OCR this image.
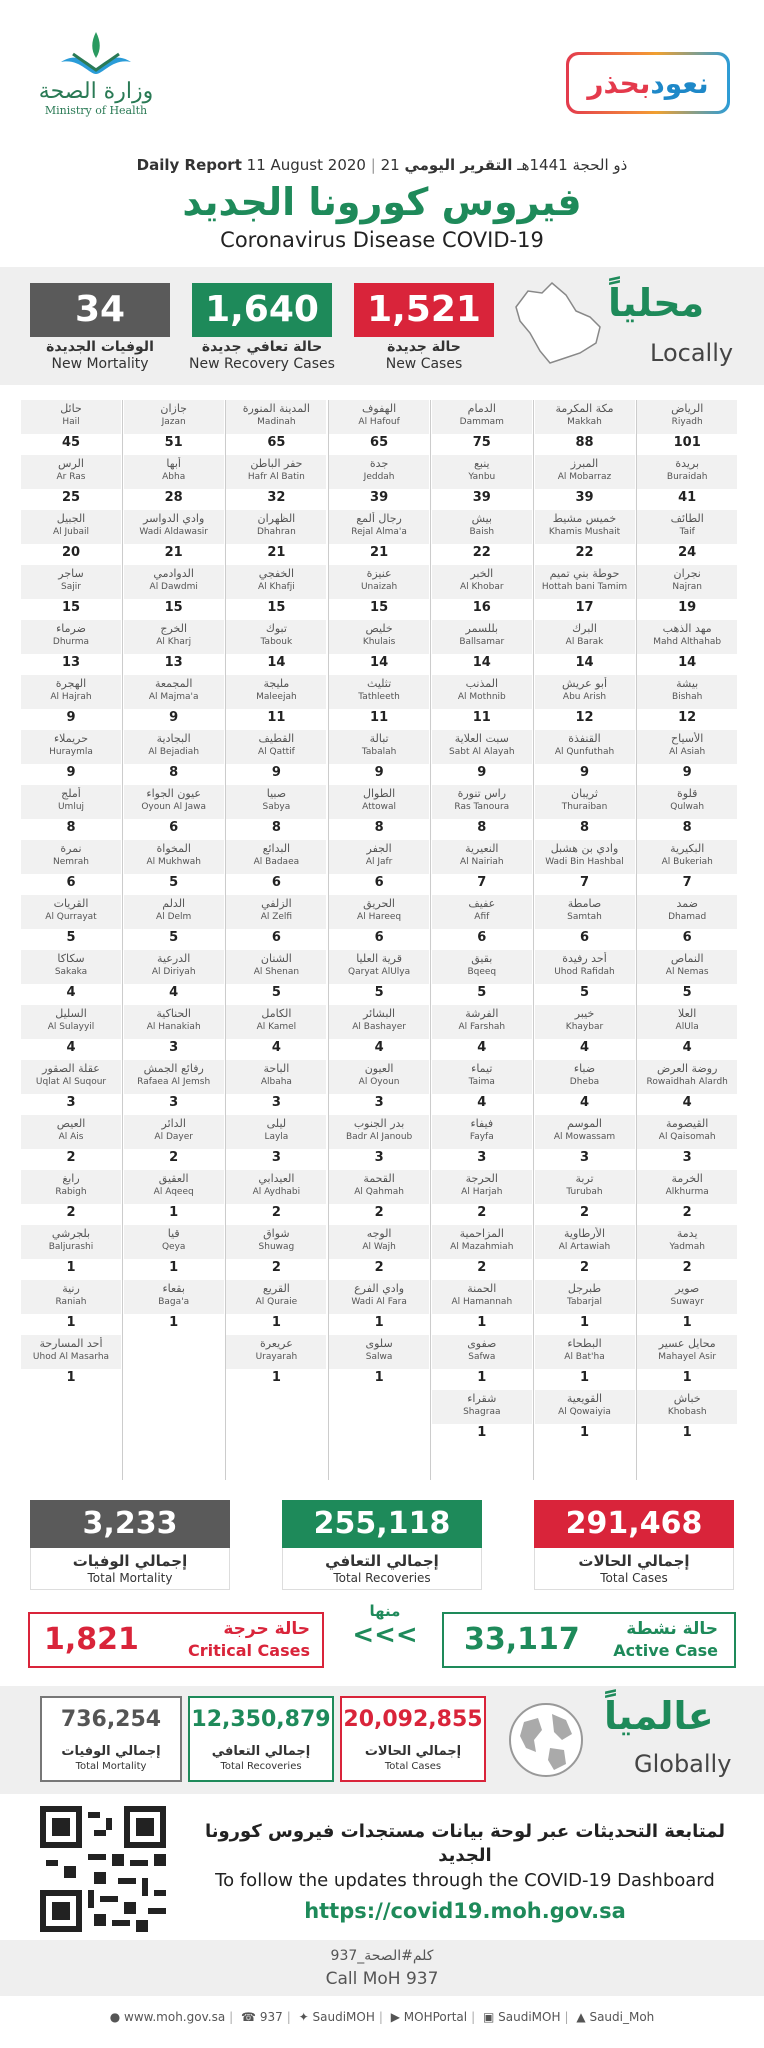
وزارة الصحة
Ministry of Health
بحذر نعود
Daily Report 11 August 2020 | 21 ذو الحجة 1441هـ التقرير اليومي
فيروس كورونا الجديد
Coronavirus Disease COVID-19
34
الوفيات الجديدة
New Mortality
1,640
حالة تعافي جديدة
New Recovery Cases
1,521
حالة جديدة
New Cases
محلياً
Locally
الرياض
Riyadh
101
بريدة
Buraidah
41
الطائف
Taif
24
نجران
Najran
19
مهد الذهب
Mahd Althahab
14
بيشة
Bishah
12
الأسياح
Al Asiah
9
قلوة
Qulwah
8
البكيرية
Al Bukeriah
7
ضمد
Dhamad
6
النماص
Al Nemas
5
العلا
AlUla
4
روضة العرض
Rowaidhah Alardh
4
القيصومة
Al Qaisomah
3
الخرمة
Alkhurma
2
يدمة
Yadmah
2
صوير
Suwayr
1
محايل عسير
Mahayel Asir
1
خباش
Khobash
1
مكة المكرمة
Makkah
88
المبرز
Al Mobarraz
39
خميس مشيط
Khamis Mushait
22
حوطة بني تميم
Hottah bani Tamim
17
البرك
Al Barak
14
أبو عريش
Abu Arish
12
القنفذة
Al Qunfuthah
9
ثريبان
Thuraiban
8
وادي بن هشبل
Wadi Bin Hashbal
7
صامطة
Samtah
6
أحد رفيدة
Uhod Rafidah
5
خيبر
Khaybar
4
ضباء
Dheba
4
الموسم
Al Mowassam
3
تربة
Turubah
2
الأرطاوية
Al Artawiah
2
طبرجل
Tabarjal
1
البطحاء
Al Bat'ha
1
القويعية
Al Qowaiyia
1
الدمام
Dammam
75
ينبع
Yanbu
39
بيش
Baish
22
الخبر
Al Khobar
16
بللسمر
Ballsamar
14
المذنب
Al Mothnib
11
سبت العلاية
Sabt Al Alayah
9
راس تنورة
Ras Tanoura
8
النعيرية
Al Nairiah
7
عفيف
Afif
6
بقيق
Bqeeq
5
الفرشة
Al Farshah
4
تيماء
Taima
4
فيفاء
Fayfa
3
الحرجة
Al Harjah
2
المزاحمية
Al Mazahmiah
2
الحمنة
Al Hamannah
1
صفوى
Safwa
1
شقراء
Shagraa
1
الهفوف
Al Hafouf
65
جدة
Jeddah
39
رجال ألمع
Rejal Alma'a
21
عنيزة
Unaizah
15
خليص
Khulais
14
تثليث
Tathleeth
11
تبالة
Tabalah
9
الطوال
Attowal
8
الجفر
Al Jafr
6
الحريق
Al Hareeq
6
قرية العليا
Qaryat AlUlya
5
البشائر
Al Bashayer
4
العيون
Al Oyoun
3
بدر الجنوب
Badr Al Janoub
3
القحمة
Al Qahmah
2
الوجه
Al Wajh
2
وادي الفرع
Wadi Al Fara
1
سلوى
Salwa
1
المدينة المنورة
Madinah
65
حفر الباطن
Hafr Al Batin
32
الظهران
Dhahran
21
الخفجي
Al Khafji
15
تبوك
Tabouk
14
مليجة
Maleejah
11
القطيف
Al Qattif
9
صبيا
Sabya
8
البدائع
Al Badaea
6
الزلفي
Al Zelfi
6
الشنان
Al Shenan
5
الكامل
Al Kamel
4
الباحة
Albaha
3
ليلى
Layla
3
العيدابي
Al Aydhabi
2
شواق
Shuwag
2
القريع
Al Quraie
1
عريعرة
Urayarah
1
جازان
Jazan
51
أبها
Abha
28
وادي الدواسر
Wadi Aldawasir
21
الدوادمي
Al Dawdmi
15
الخرج
Al Kharj
13
المجمعة
Al Majma'a
9
البجادية
Al Bejadiah
8
عيون الجواء
Oyoun Al Jawa
6
المخواة
Al Mukhwah
5
الدلم
Al Delm
5
الدرعية
Al Diriyah
4
الحناكية
Al Hanakiah
3
رفائع الجمش
Rafaea Al Jemsh
3
الدائر
Al Dayer
2
العقيق
Al Aqeeq
1
قيا
Qeya
1
بقعاء
Baga'a
1
حائل
Hail
45
الرس
Ar Ras
25
الجبيل
Al Jubail
20
ساجر
Sajir
15
ضرماء
Dhurma
13
الهجرة
Al Hajrah
9
حريملاء
Huraymla
9
أملج
Umluj
8
نمرة
Nemrah
6
القريات
Al Qurrayat
5
سكاكا
Sakaka
4
السليل
Al Sulayyil
4
عقلة الصقور
Uqlat Al Suqour
3
العيص
Al Ais
2
رابغ
Rabigh
2
بلجرشي
Baljurashi
1
رنية
Raniah
1
أحد المسارحة
Uhod Al Masarha
1
291,468
إجمالي الحالات
Total Cases
255,118
إجمالي التعافي
Total Recoveries
3,233
إجمالي الوفيات
Total Mortality
33,117	حالة نشطة
Active Case
منها
<<<
1,821	حالة حرجة
Critical Cases
20,092,855
إجمالي الحالات
Total Cases
12,350,879
إجمالي التعافي
Total Recoveries
736,254
إجمالي الوفيات
Total Mortality
عالمياً
Globally
لمتابعة التحديثات عبر لوحة بيانات مستجدات فيروس كورونا الجديد
To follow the updates through the COVID-19 Dashboard
https://covid19.moh.gov.sa
كلم#الصحة_937
Call MoH 937
● www.moh.gov.sa | ☎ 937 | ✦ SaudiMOH | ▶ MOHPortal | ▣ SaudiMOH | ▲ Saudi_Moh
